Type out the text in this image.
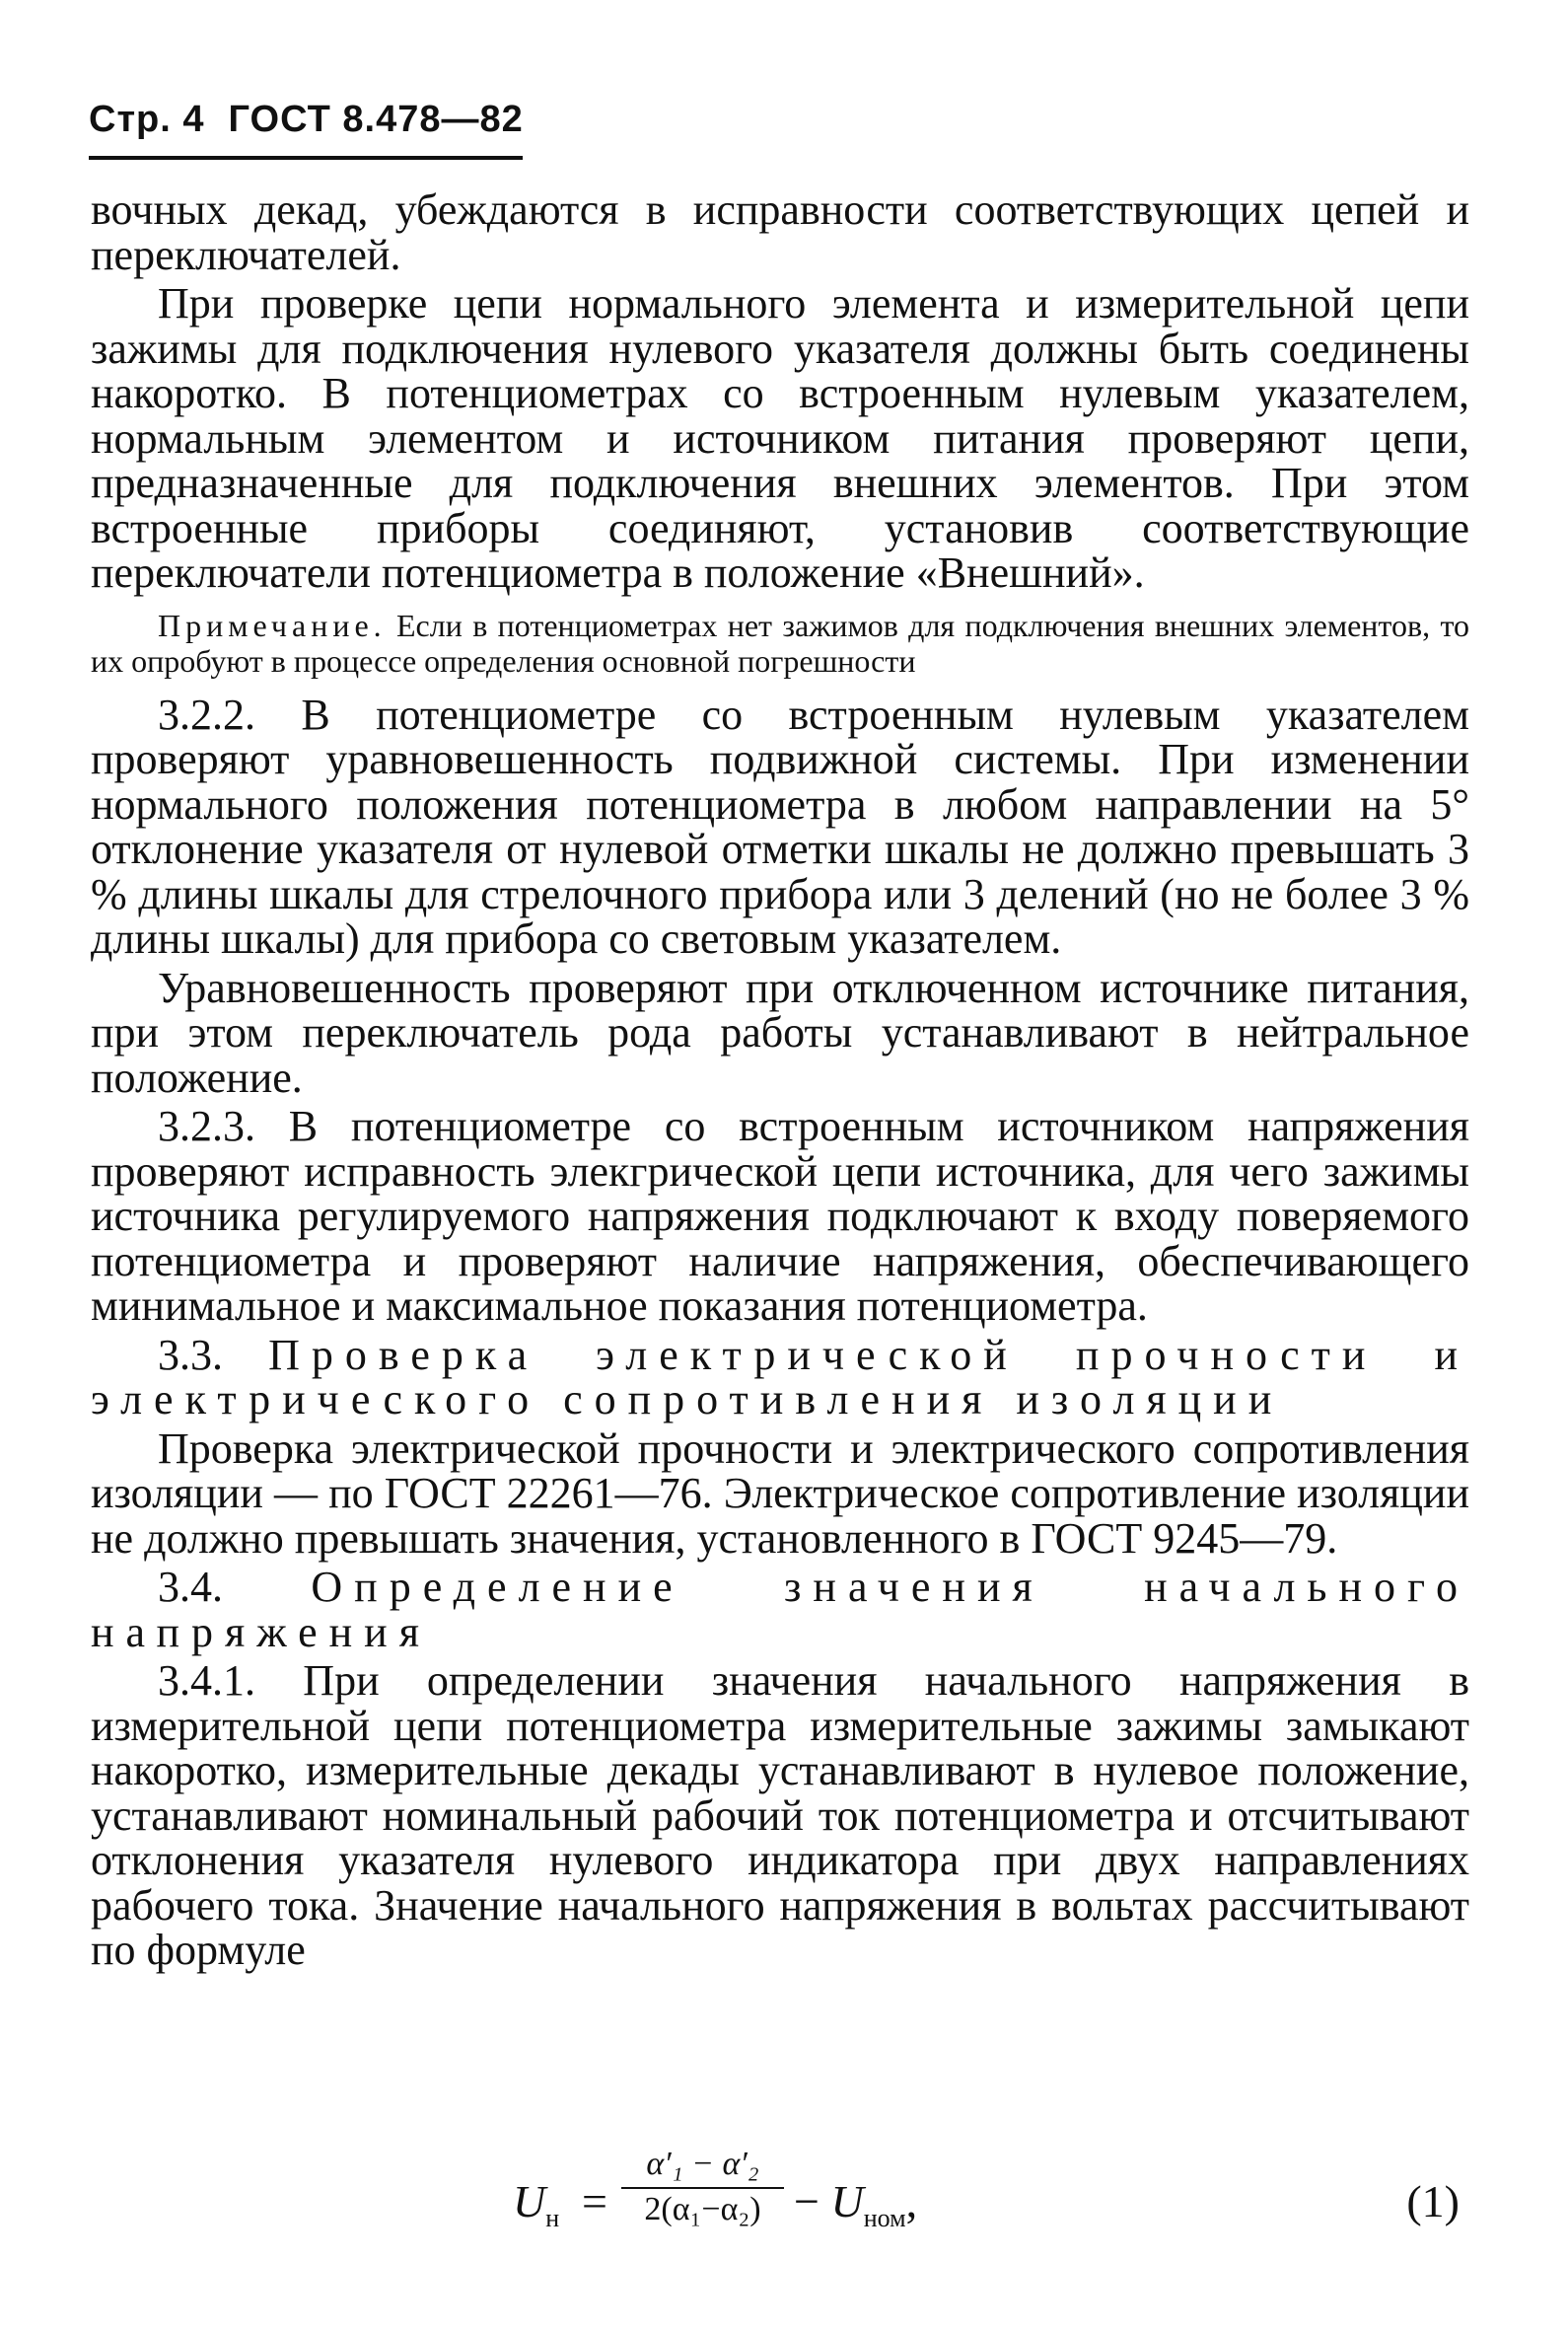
Стр. 4 ГОСТ 8.478—82

вочных декад, убеждаются в исправности соответствующих цепей и переключателей.

При проверке цепи нормального элемента и измерительной цепи зажимы для подключения нулевого указателя должны быть соединены накоротко. В потенциометрах со встроенным нулевым указателем, нормальным элементом и источником питания проверяют цепи, предназначенные для подключения внешних элементов. При этом встроенные приборы соединяют, установив соответствующие переключатели потенциометра в положение «Внешний».

Примечание. Если в потенциометрах нет зажимов для подключения внешних элементов, то их опробуют в процессе определения основной погрешности

3.2.2. В потенциометре со встроенным нулевым указателем проверяют уравновешенность подвижной системы. При изменении нормального положения потенциометра в любом направлении на 5° отклонение указателя от нулевой отметки шкалы не должно превышать 3 % длины шкалы для стрелочного прибора или 3 делений (но не более 3 % длины шкалы) для прибора со световым указателем.

Уравновешенность проверяют при отключенном источнике питания, при этом переключатель рода работы устанавливают в нейтральное положение.

3.2.3. В потенциометре со встроенным источником напряжения проверяют исправность элекгрической цепи источника, для чего зажимы источника регулируемого напряжения подключают к входу поверяемого потенциометра и проверяют наличие напряжения, обеспечивающего минимальное и максимальное показания потенциометра.

3.3. Проверка электрической прочности и электрического сопротивления изоляции

Проверка электрической прочности и электрического сопротивления изоляции — по ГОСТ 22261—76. Электрическое сопротивление изоляции не должно превышать значения, установленного в ГОСТ 9245—79.

3.4. Определение значения начального напряжения

3.4.1. При определении значения начального напряжения в измерительной цепи потенциометра измерительные зажимы замыкают накоротко, измерительные декады устанавливают в нулевое положение, устанавливают номинальный рабочий ток потенциометра и отсчитывают отклонения указателя нулевого индикатора при двух направлениях рабочего тока. Значение начального напряжения в вольтах рассчитывают по формуле

$U_н$ =
α′₁ − α′₂
$2(\alpha_1-\alpha_2) - U_{ном}$,	(1)
